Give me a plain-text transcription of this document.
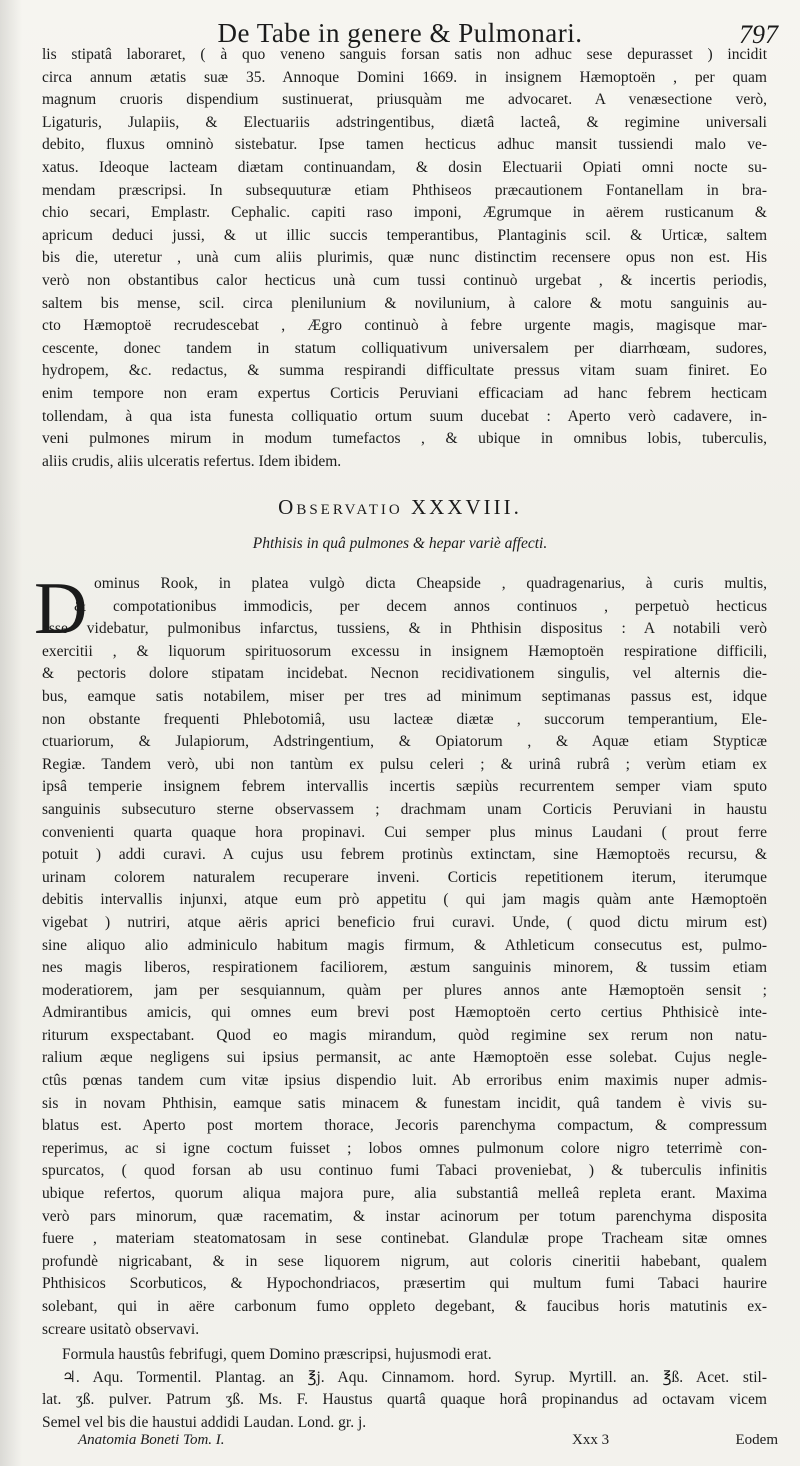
De Tabe in genere & Pulmonari.	797
lis stipatâ laboraret, ( à quo veneno sanguis forsan satis non adhuc sese depurasset ) incidit
circa annum ætatis suæ 35. Annoque Domini 1669. in insignem Hæmoptoën , per quam
magnum cruoris dispendium sustinuerat, priusquàm me advocaret. A venæsectione verò,
Ligaturis, Julapiis, & Electuariis adstringentibus, diætâ lacteâ, & regimine universali
debito, fluxus omninò sistebatur. Ipse tamen hecticus adhuc mansit tussiendi malo ve-
xatus. Ideoque lacteam diætam continuandam, & dosin Electuarii Opiati omni nocte su-
mendam præscripsi. In subsequuturæ etiam Phthiseos præcautionem Fontanellam in bra-
chio secari, Emplastr. Cephalic. capiti raso imponi, Ægrumque in aërem rusticanum &
apricum deduci jussi, & ut illic succis temperantibus, Plantaginis scil. & Urticæ, saltem
bis die, uteretur , unà cum aliis plurimis, quæ nunc distinctim recensere opus non est. His
verò non obstantibus calor hecticus unà cum tussi continuò urgebat , & incertis periodis,
saltem bis mense, scil. circa plenilunium & novilunium, à calore & motu sanguinis au-
cto Hæmoptoë recrudescebat , Ægro continuò à febre urgente magis, magisque mar-
cescente, donec tandem in statum colliquativum universalem per diarrhœam, sudores,
hydropem, &c. redactus, & summa respirandi difficultate pressus vitam suam finiret. Eo
enim tempore non eram expertus Corticis Peruviani efficaciam ad hanc febrem hecticam
tollendam, à qua ista funesta colliquatio ortum suum ducebat : Aperto verò cadavere, in-
veni pulmones mirum in modum tumefactos , & ubique in omnibus lobis, tuberculis,
aliis crudis, aliis ulceratis refertus. Idem ibidem.
Observatio XXXVIII.
Phthisis in quâ pulmones & hepar variè affecti.
D ominus Rook, in platea vulgò dicta Cheapside , quadragenarius, à curis multis,
& compotationibus immodicis, per decem annos continuos , perpetuò hecticus
esse videbatur, pulmonibus infarctus, tussiens, & in Phthisin dispositus : A notabili verò
exercitii , & liquorum spirituosorum excessu in insignem Hæmoptoën respiratione difficili,
& pectoris dolore stipatam incidebat. Necnon recidivationem singulis, vel alternis die-
bus, eamque satis notabilem, miser per tres ad minimum septimanas passus est, idque
non obstante frequenti Phlebotomiâ, usu lacteæ diætæ , succorum temperantium, Ele-
ctuariorum, & Julapiorum, Adstringentium, & Opiatorum , & Aquæ etiam Stypticæ
Regiæ. Tandem verò, ubi non tantùm ex pulsu celeri ; & urinâ rubrâ ; verùm etiam ex
ipsâ temperie insignem febrem intervallis incertis sæpiùs recurrentem semper viam sputo
sanguinis subsecuturo sterne observassem ; drachmam unam Corticis Peruviani in haustu
convenienti quarta quaque hora propinavi. Cui semper plus minus Laudani ( prout ferre
potuit ) addi curavi. A cujus usu febrem protinùs extinctam, sine Hæmoptoës recursu, &
urinam colorem naturalem recuperare inveni. Corticis repetitionem iterum, iterumque
debitis intervallis injunxi, atque eum prò appetitu ( qui jam magis quàm ante Hæmoptoën
vigebat ) nutriri, atque aëris aprici beneficio frui curavi. Unde, ( quod dictu mirum est)
sine aliquo alio adminiculo habitum magis firmum, & Athleticum consecutus est, pulmo-
nes magis liberos, respirationem faciliorem, æstum sanguinis minorem, & tussim etiam
moderatiorem, jam per sesquiannum, quàm per plures annos ante Hæmoptoën sensit ;
Admirantibus amicis, qui omnes eum brevi post Hæmoptoën certo certius Phthisicè inte-
riturum exspectabant. Quod eo magis mirandum, quòd regimine sex rerum non natu-
ralium æque negligens sui ipsius permansit, ac ante Hæmoptoën esse solebat. Cujus negle-
ctûs pœnas tandem cum vitæ ipsius dispendio luit. Ab erroribus enim maximis nuper admis-
sis in novam Phthisin, eamque satis minacem & funestam incidit, quâ tandem è vivis su-
blatus est. Aperto post mortem thorace, Jecoris parenchyma compactum, & compressum
reperimus, ac si igne coctum fuisset ; lobos omnes pulmonum colore nigro teterrimè con-
spurcatos, ( quod forsan ab usu continuo fumi Tabaci proveniebat, ) & tuberculis infinitis
ubique refertos, quorum aliqua majora pure, alia substantiâ melleâ repleta erant. Maxima
verò pars minorum, quæ racematim, & instar acinorum per totum parenchyma disposita
fuere , materiam steatomatosam in sese continebat. Glandulæ prope Tracheam sitæ omnes
profundè nigricabant, & in sese liquorem nigrum, aut coloris cineritii habebant, qualem
Phthisicos Scorbuticos, & Hypochondriacos, præsertim qui multum fumi Tabaci haurire
solebant, qui in aëre carbonum fumo oppleto degebant, & faucibus horis matutinis ex-
screare usitatò observavi.
Formula haustûs febrifugi, quem Domino præscripsi, hujusmodi erat.
♃. Aqu. Tormentil. Plantag. an ℥j. Aqu. Cinnamom. hord. Syrup. Myrtill. an. ℥ß. Acet. stil-
lat. ʒß. pulver. Patrum ʒß. Ms. F. Haustus quartâ quaque horâ propinandus ad octavam vicem
Semel vel bis die haustui addidi Laudan. Lond. gr. j.
Anatomia Boneti Tom. I.	Xxx 3	Eodem
